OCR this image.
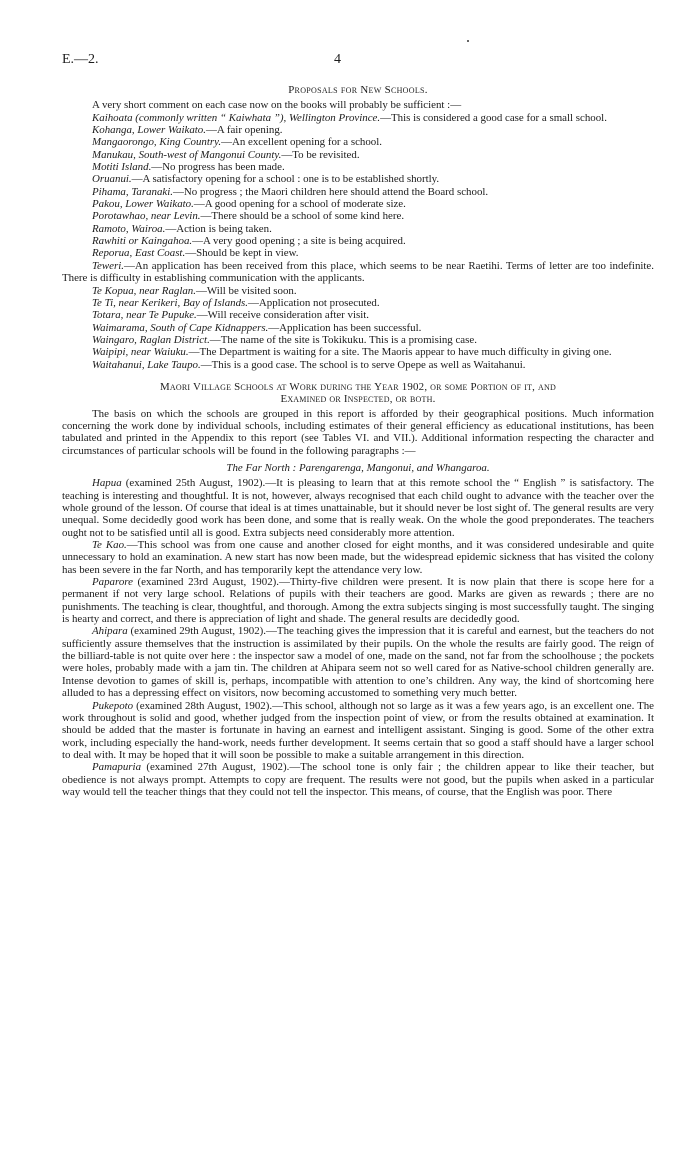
E.—2.	4
Proposals for New Schools.

A very short comment on each case now on the books will probably be sufficient :—

Kaihoata (commonly written “ Kaiwhata ”), Wellington Province.—This is considered a good case for a small school.

Kohanga, Lower Waikato.—A fair opening.

Mangaorongo, King Country.—An excellent opening for a school.

Manukau, South-west of Mangonui County.—To be revisited.

Motiti Island.—No progress has been made.

Oruanui.—A satisfactory opening for a school : one is to be established shortly.

Pihama, Taranaki.—No progress ; the Maori children here should attend the Board school.

Pakou, Lower Waikato.—A good opening for a school of moderate size.

Porotawhao, near Levin.—There should be a school of some kind here.

Ramoto, Wairoa.—Action is being taken.

Rawhiti or Kaingahoa.—A very good opening ; a site is being acquired.

Reporua, East Coast.—Should be kept in view.

Teweri.—An application has been received from this place, which seems to be near Raetihi. Terms of letter are too indefinite. There is difficulty in establishing communication with the applicants.

Te Kopua, near Raglan.—Will be visited soon.

Te Ti, near Kerikeri, Bay of Islands.—Application not prosecuted.

Totara, near Te Pupuke.—Will receive consideration after visit.

Waimarama, South of Cape Kidnappers.—Application has been successful.

Waingaro, Raglan District.—The name of the site is Tokikuku. This is a promising case.

Waipipi, near Waiuku.—The Department is waiting for a site. The Maoris appear to have much difficulty in giving one.

Waitahanui, Lake Taupo.—This is a good case. The school is to serve Opepe as well as Waitahanui.

Maori Village Schools at Work during the Year 1902, or some Portion of it, and
Examined or Inspected, or both.

The basis on which the schools are grouped in this report is afforded by their geographical positions. Much information concerning the work done by individual schools, including estimates of their general efficiency as educational institutions, has been tabulated and printed in the Appendix to this report (see Tables VI. and VII.). Additional information respecting the character and circumstances of particular schools will be found in the following paragraphs :—

The Far North : Parengarenga, Mangonui, and Whangaroa.

Hapua (examined 25th August, 1902).—It is pleasing to learn that at this remote school the “ English ” is satisfactory. The teaching is interesting and thoughtful. It is not, however, always recognised that each child ought to advance with the teacher over the whole ground of the lesson. Of course that ideal is at times unattainable, but it should never be lost sight of. The general results are very unequal. Some decidedly good work has been done, and some that is really weak. On the whole the good preponderates. The teachers ought not to be satisfied until all is good. Extra subjects need considerably more attention.

Te Kao.—This school was from one cause and another closed for eight months, and it was considered undesirable and quite unnecessary to hold an examination. A new start has now been made, but the widespread epidemic sickness that has visited the colony has been severe in the far North, and has temporarily kept the attendance very low.

Paparore (examined 23rd August, 1902).—Thirty-five children were present. It is now plain that there is scope here for a permanent if not very large school. Relations of pupils with their teachers are good. Marks are given as rewards ; there are no punishments. The teaching is clear, thoughtful, and thorough. Among the extra subjects singing is most successfully taught. The singing is hearty and correct, and there is appreciation of light and shade. The general results are decidedly good.

Ahipara (examined 29th August, 1902).—The teaching gives the impression that it is careful and earnest, but the teachers do not sufficiently assure themselves that the instruction is assimilated by their pupils. On the whole the results are fairly good. The reign of the billiard-table is not quite over here : the inspector saw a model of one, made on the sand, not far from the schoolhouse ; the pockets were holes, probably made with a jam tin. The children at Ahipara seem not so well cared for as Native-school children generally are. Intense devotion to games of skill is, perhaps, incompatible with attention to one’s children. Any way, the kind of shortcoming here alluded to has a depressing effect on visitors, now becoming accustomed to something very much better.

Pukepoto (examined 28th August, 1902).—This school, although not so large as it was a few years ago, is an excellent one. The work throughout is solid and good, whether judged from the inspection point of view, or from the results obtained at examination. It should be added that the master is fortunate in having an earnest and intelligent assistant. Singing is good. Some of the other extra work, including especially the hand-work, needs further development. It seems certain that so good a staff should have a larger school to deal with. It may be hoped that it will soon be possible to make a suitable arrangement in this direction.

Pamapuria (examined 27th August, 1902).—The school tone is only fair ; the children appear to like their teacher, but obedience is not always prompt. Attempts to copy are frequent. The results were not good, but the pupils when asked in a particular way would tell the teacher things that they could not tell the inspector. This means, of course, that the English was poor. There
